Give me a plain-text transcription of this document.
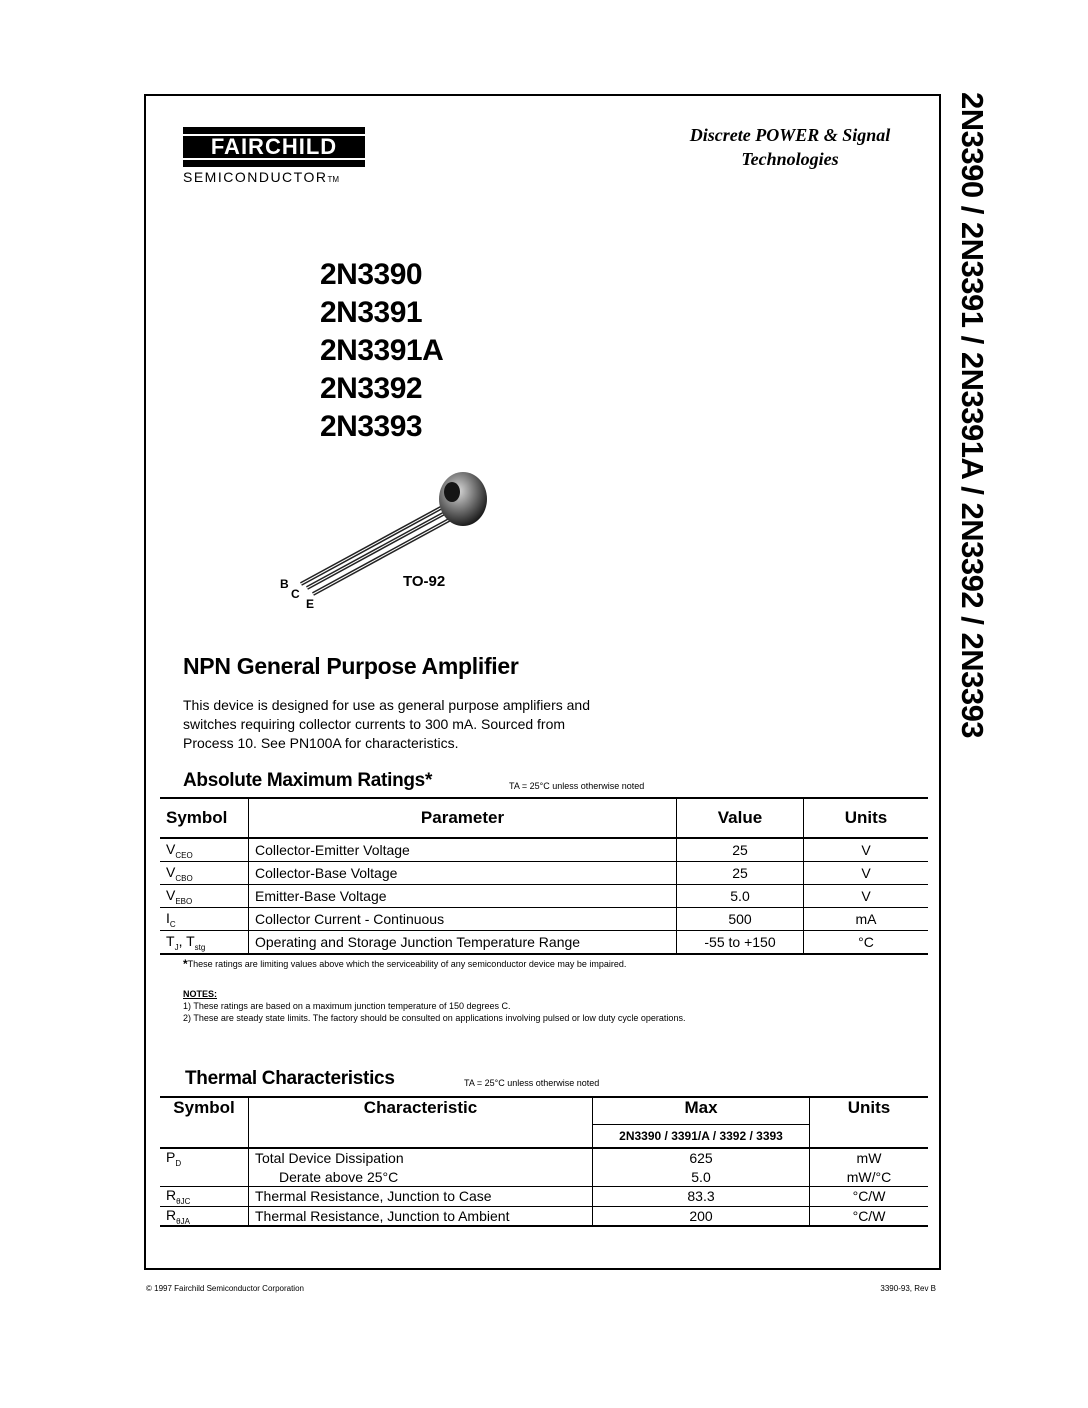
2N3390 / 2N3391 / 2N3391A / 2N3392 / 2N3393
FAIRCHILD
SEMICONDUCTORTM
Discrete POWER & Signal
Technologies
2N3390
2N3391
2N3391A
2N3392
2N3393
B
C
E
TO-92
NPN General Purpose Amplifier
This device is designed for use as general purpose amplifiers and switches requiring collector currents to 300 mA. Sourced from Process 10. See PN100A for characteristics.
Absolute Maximum Ratings*	TA = 25°C unless otherwise noted
Symbol	Parameter	Value	Units
$V_{CEO}$	Collector-Emitter Voltage	25	V
$V_{CBO}$	Collector-Base Voltage	25	V
$V_{EBO}$	Emitter-Base Voltage	5.0	V
$I_C$	Collector Current - Continuous	500	mA
$T_J$, $T_{stg}$	Operating and Storage Junction Temperature Range	-55 to +150	°C
*These ratings are limiting values above which the serviceability of any semiconductor device may be impaired.
NOTES:
1) These ratings are based on a maximum junction temperature of 150 degrees C.
2) These are steady state limits. The factory should be consulted on applications involving pulsed or low duty cycle operations.
Thermal Characteristics	TA = 25°C unless otherwise noted
Symbol	Characteristic	Max	Units
		2N3390 / 3391/A / 3392 / 3393	
$P_D$	Total Device Dissipation	625	mW
	Derate above 25°C	5.0	mW/°C
$R_{\theta JC}$	Thermal Resistance, Junction to Case	83.3	°C/W
$R_{\theta JA}$	Thermal Resistance, Junction to Ambient	200	°C/W
© 1997 Fairchild Semiconductor Corporation	3390-93, Rev B
